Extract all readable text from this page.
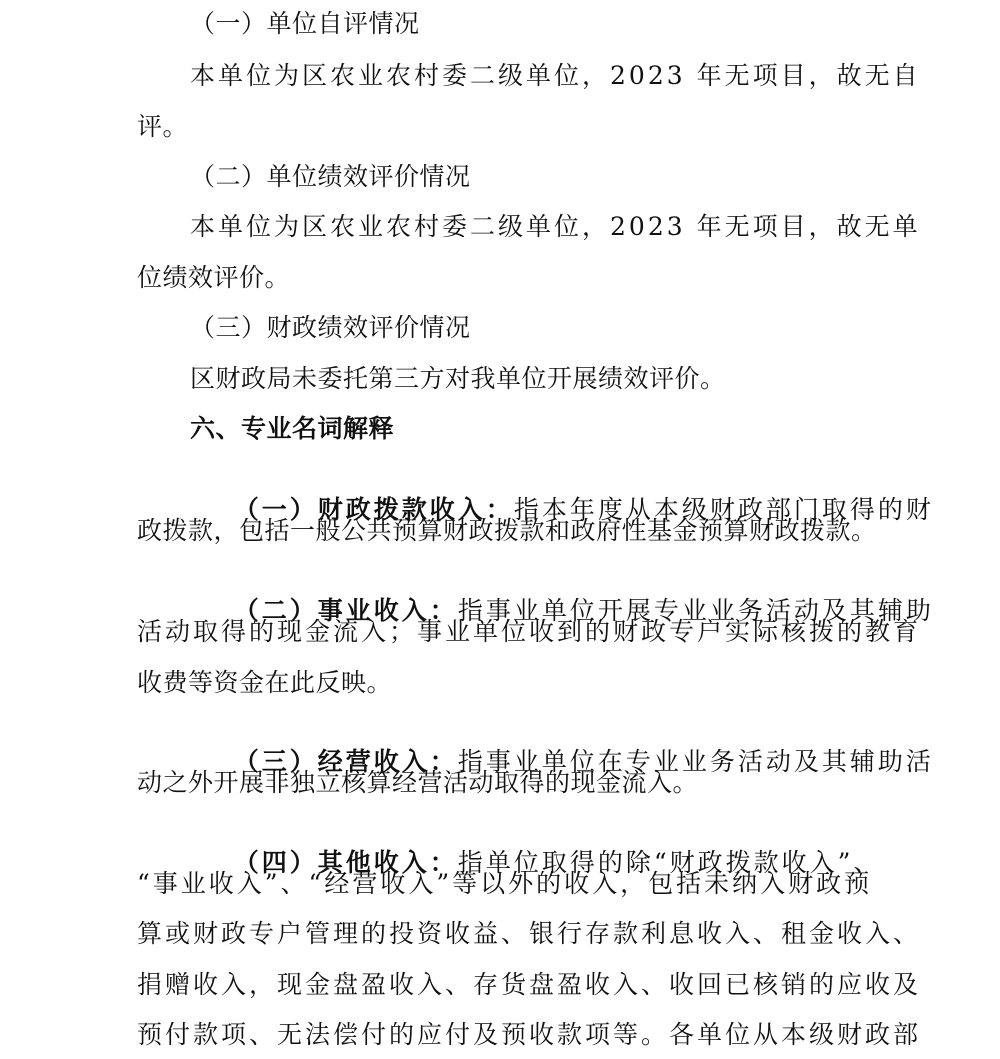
（一）单位自评情况
本单位为区农业农村委二级单位，2023 年无项目，故无自
评。
（二）单位绩效评价情况
本单位为区农业农村委二级单位，2023 年无项目，故无单
位绩效评价。
（三）财政绩效评价情况
区财政局未委托第三方对我单位开展绩效评价。
六、专业名词解释

（一）财政拨款收入：指本年度从本级财政部门取得的财

政拨款，包括一般公共预算财政拨款和政府性基金预算财政拨款。

（二）事业收入：指事业单位开展专业业务活动及其辅助

活动取得的现金流入；事业单位收到的财政专户实际核拨的教育
收费等资金在此反映。

（三）经营收入：指事业单位在专业业务活动及其辅助活

动之外开展非独立核算经营活动取得的现金流入。

（四）其他收入：指单位取得的除“财政拨款收入”、

“事业收入”、“经营收入”等以外的收入，包括未纳入财政预
算或财政专户管理的投资收益、银行存款利息收入、租金收入、
捐赠收入，现金盘盈收入、存货盘盈收入、收回已核销的应收及
预付款项、无法偿付的应付及预收款项等。各单位从本级财政部
